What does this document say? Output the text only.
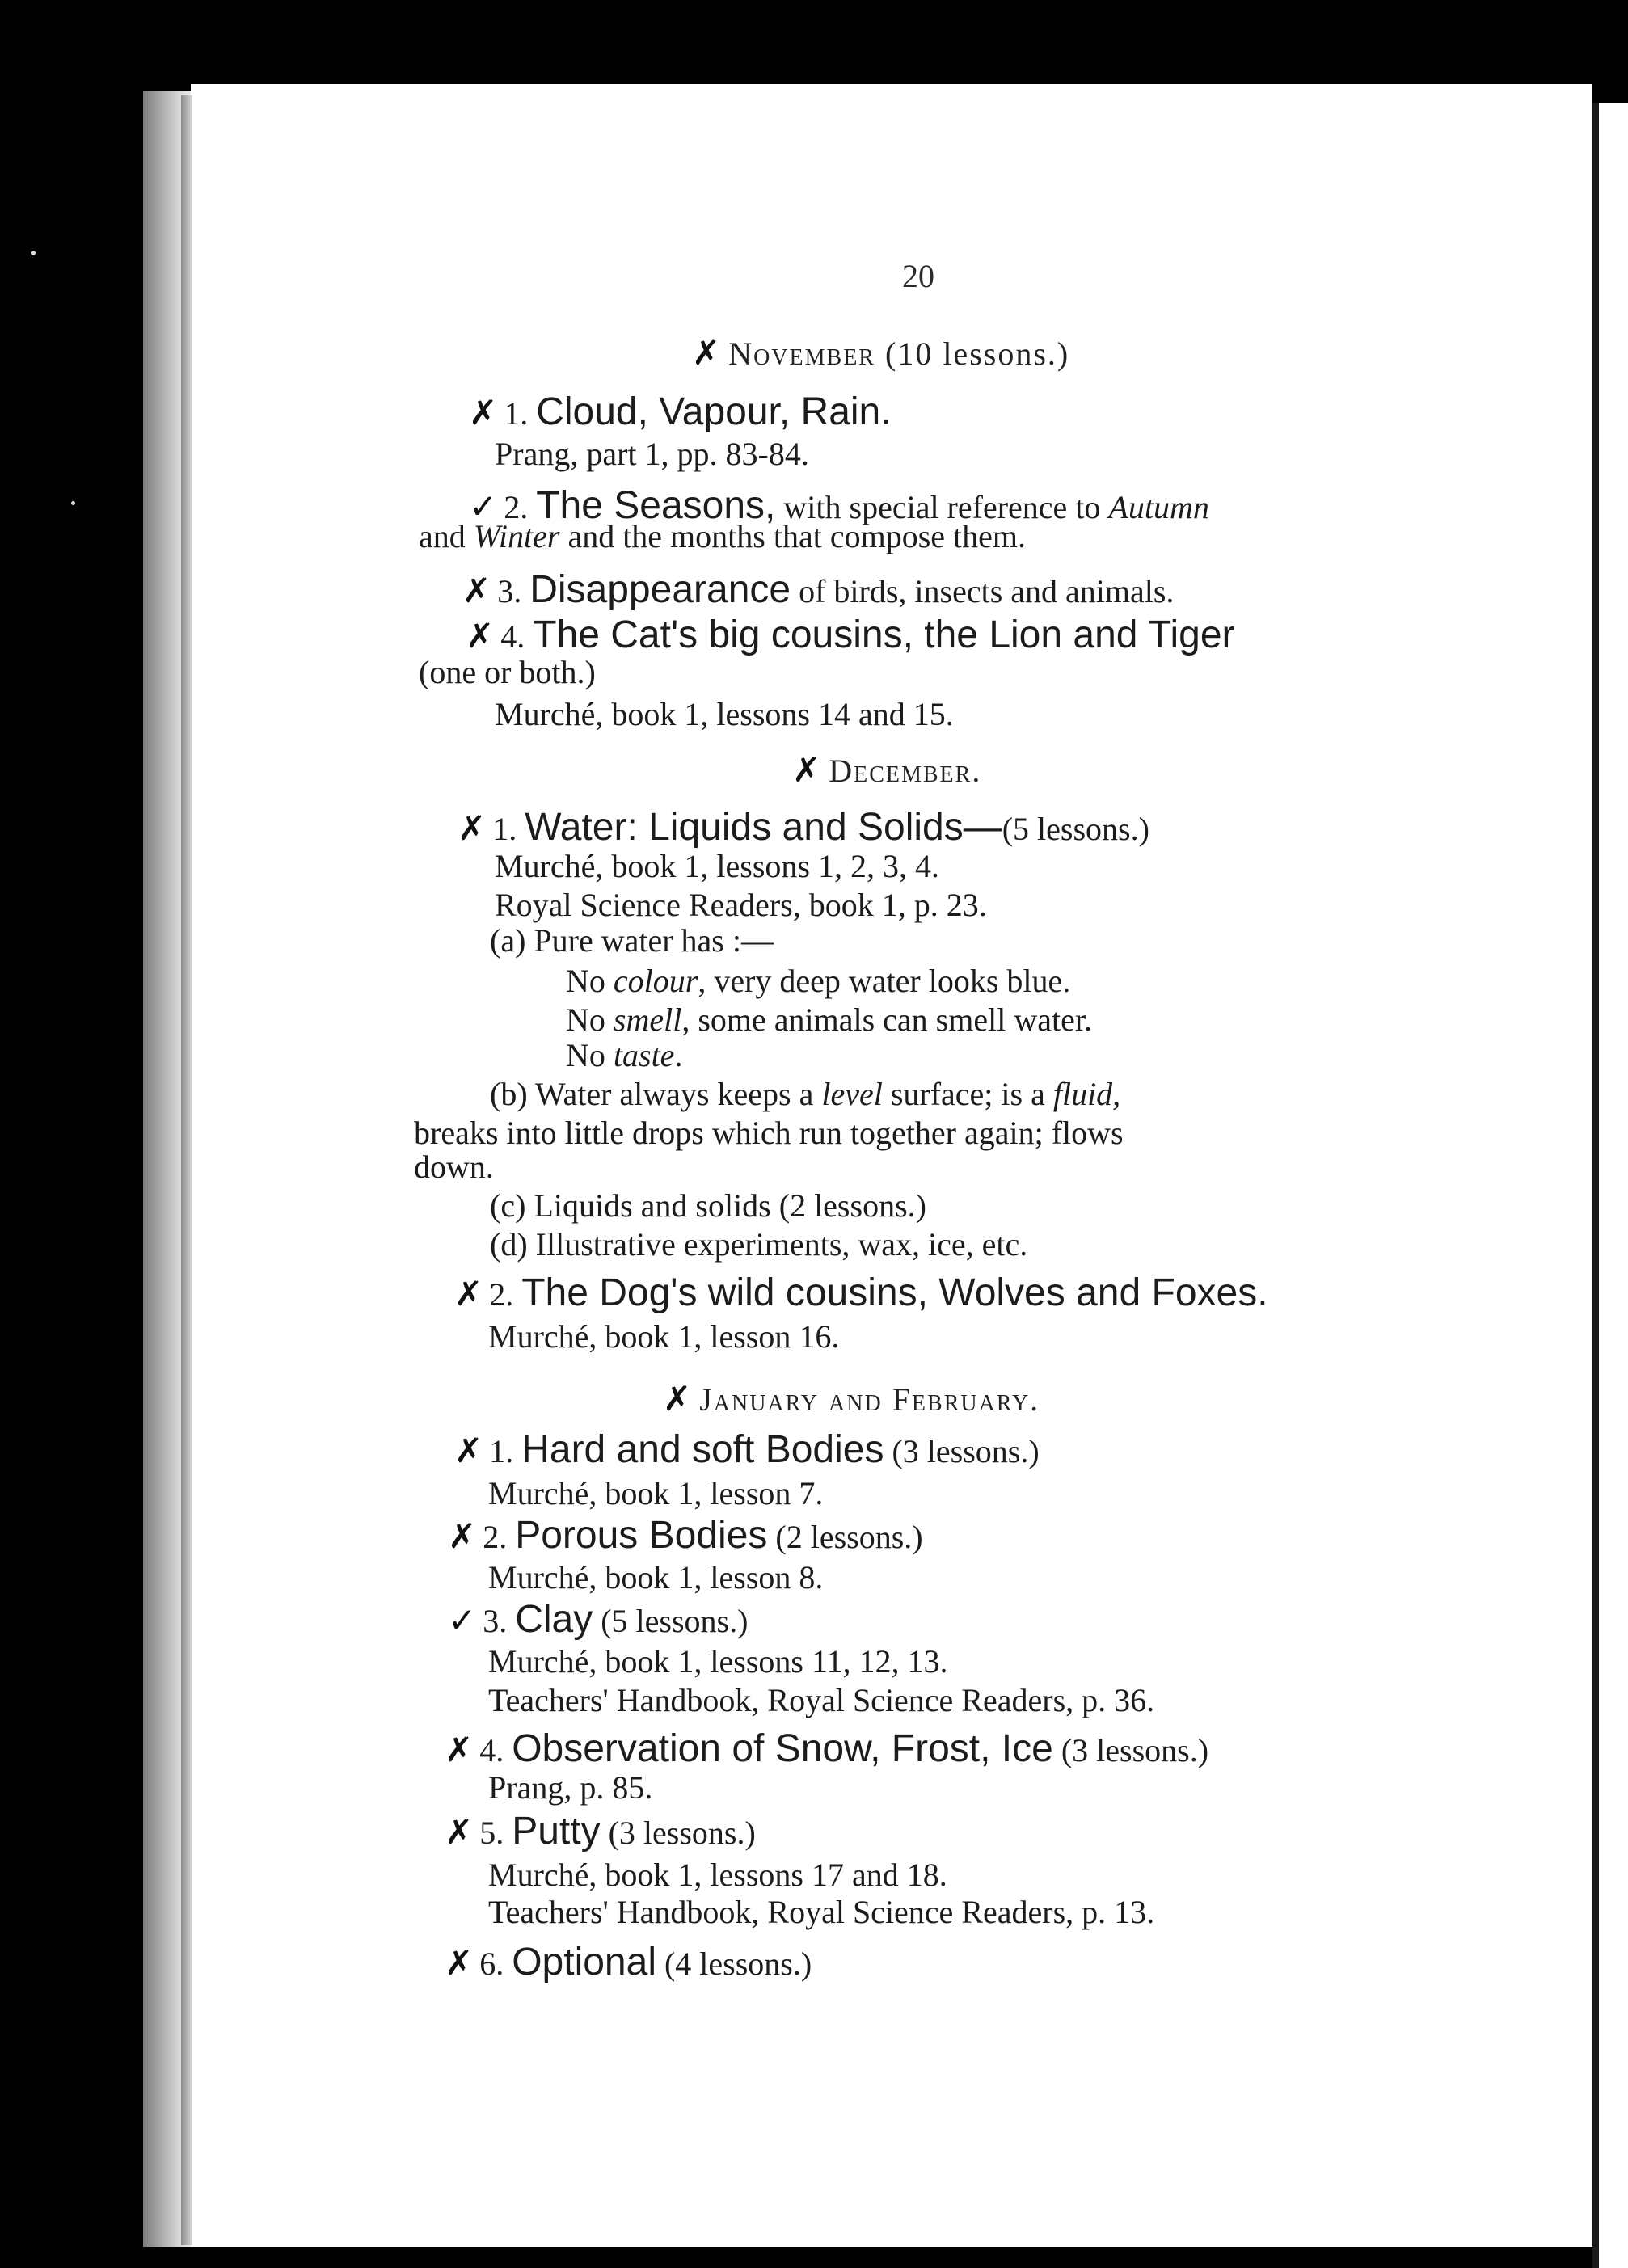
20
✗ November (10 lessons.)
✗ 1. Cloud, Vapour, Rain.
Prang, part 1, pp. 83-84.
✓ 2. The Seasons, with special reference to Autumn
and Winter and the months that compose them.
✗ 3. Disappearance of birds, insects and animals.
✗ 4. The Cat's big cousins, the Lion and Tiger
(one or both.)
Murché, book 1, lessons 14 and 15.
✗ December.
✗ 1. Water: Liquids and Solids—(5 lessons.)
Murché, book 1, lessons 1, 2, 3, 4.
Royal Science Readers, book 1, p. 23.
(a) Pure water has :—
No colour, very deep water looks blue.
No smell, some animals can smell water.
No taste.
(b) Water always keeps a level surface; is a fluid,
breaks into little drops which run together again; flows
down.
(c) Liquids and solids (2 lessons.)
(d) Illustrative experiments, wax, ice, etc.
✗ 2. The Dog's wild cousins, Wolves and Foxes.
Murché, book 1, lesson 16.
✗ January and February.
✗ 1. Hard and soft Bodies (3 lessons.)
Murché, book 1, lesson 7.
✗ 2. Porous Bodies (2 lessons.)
Murché, book 1, lesson 8.
✓ 3. Clay (5 lessons.)
Murché, book 1, lessons 11, 12, 13.
Teachers' Handbook, Royal Science Readers, p. 36.
✗ 4. Observation of Snow, Frost, Ice (3 lessons.)
Prang, p. 85.
✗ 5. Putty (3 lessons.)
Murché, book 1, lessons 17 and 18.
Teachers' Handbook, Royal Science Readers, p. 13.
✗ 6. Optional (4 lessons.)
